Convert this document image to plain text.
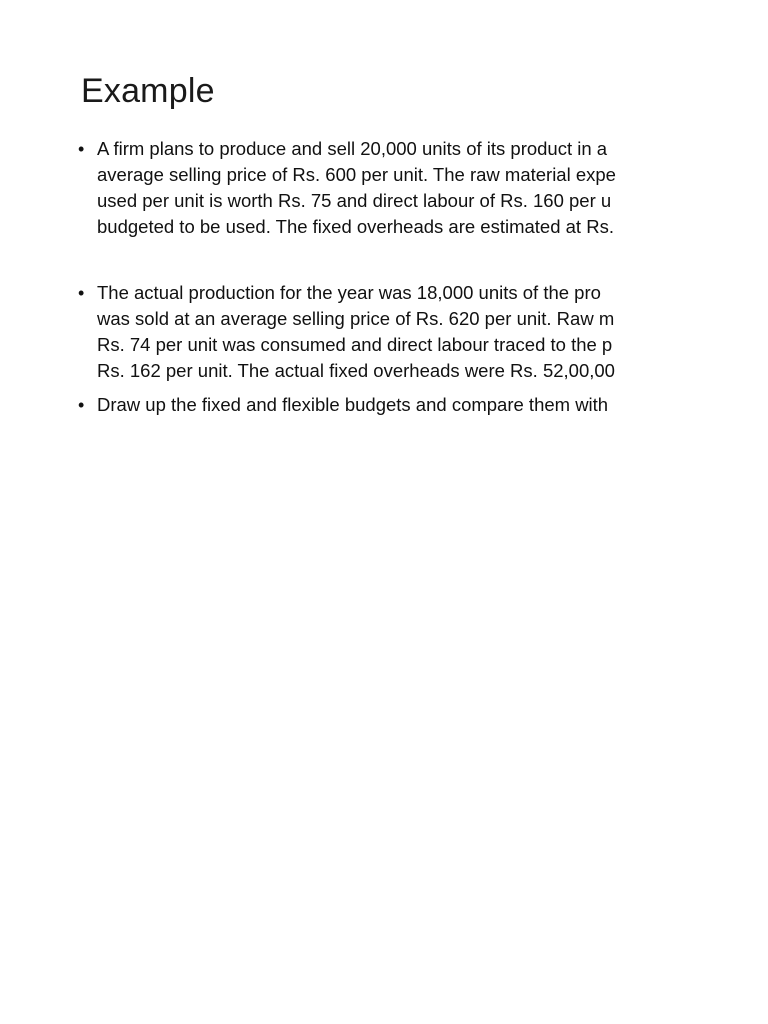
Example
• A firm plans to produce and sell 20,000 units of its product in a
average selling price of Rs. 600 per unit. The raw material expe
used per unit is worth Rs. 75 and direct labour of Rs. 160 per u
budgeted to be used. The fixed overheads are estimated at Rs.
• The actual production for the year was 18,000 units of the pro
was sold at an average selling price of Rs. 620 per unit. Raw m
Rs. 74 per unit was consumed and direct labour traced to the p
Rs. 162 per unit. The actual fixed overheads were Rs. 52,00,00
• Draw up the fixed and flexible budgets and compare them with
